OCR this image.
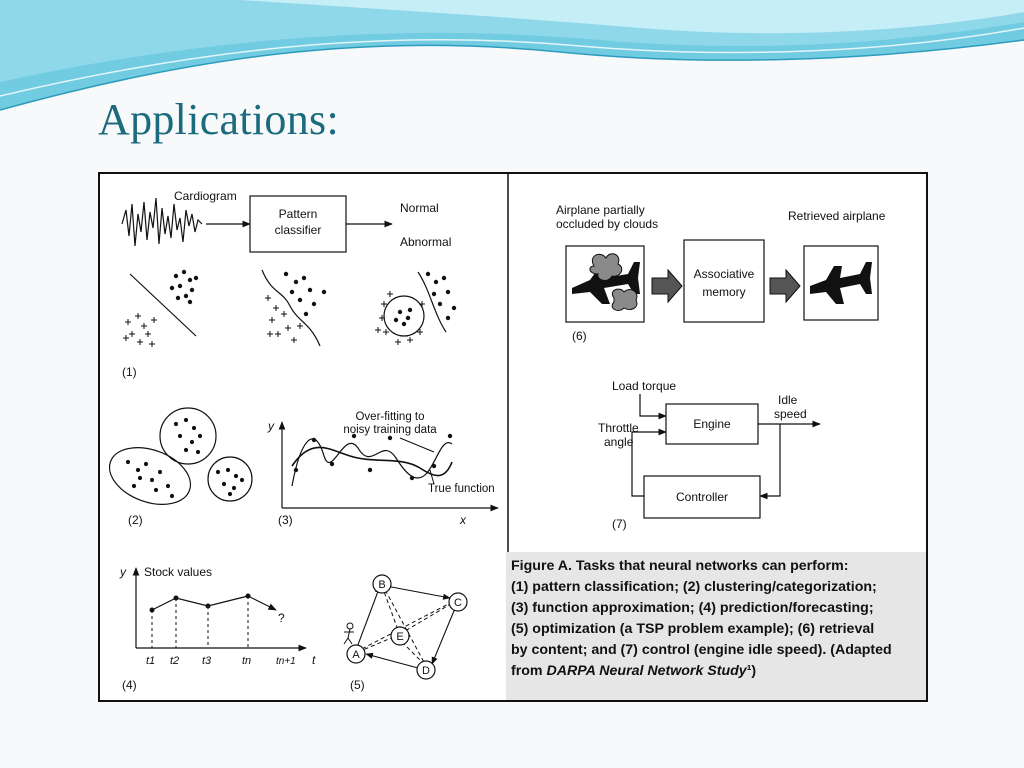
Applications:
Cardiogram
Pattern
classifier
Normal
Abnormal
(1)
(2)
y
x
Over-fitting to
noisy training data
True function
(3)
y Stock values
?
t1 t2 t3	tn tn+1 t
(4)
A
B
C
D
E
(5)
Airplane partially
occluded by clouds
Retrieved airplane
Associative
memory
(6)
Load torque
Engine
Idle
speed
Controller
Throttle
angle
(7)
Figure A. Tasks that neural networks can perform:
(1) pattern classification; (2) clustering/categorization;
(3) function approximation; (4) prediction/forecasting;
(5) optimization (a TSP problem example); (6) retrieval
by content; and (7) control (engine idle speed). (Adapted
from DARPA Neural Network Study¹)
